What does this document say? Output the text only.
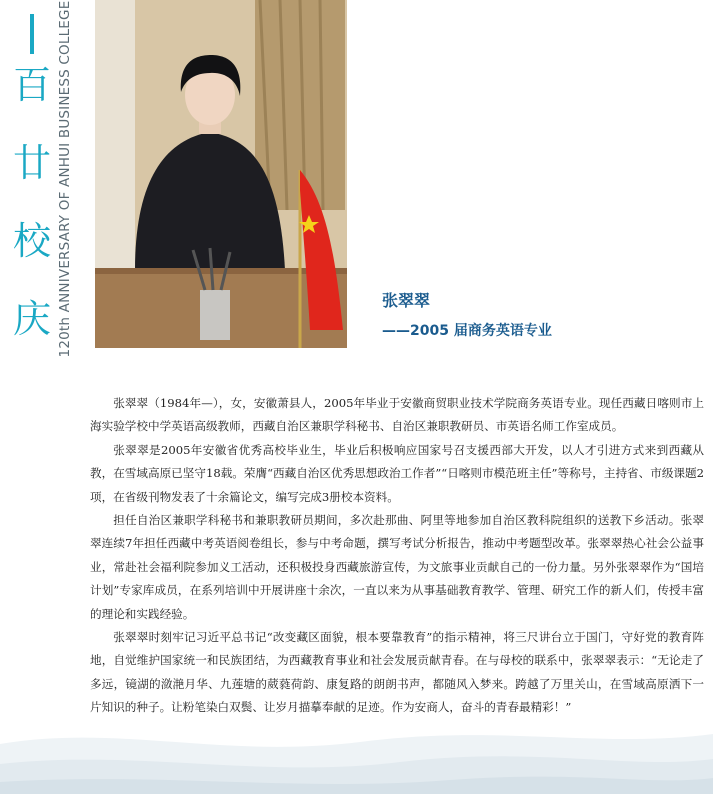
百
廿
校
庆 120th ANNIVERSARY OF ANHUI BUSINESS COLLEGE	张翠翠
——2005 届商务英语专业

张翠翠（1984年—），女，安徽萧县人，2005年毕业于安徽商贸职业技术学院商务英语专业。现任西藏日喀则市上海实验学校中学英语高级教师，西藏自治区兼职学科秘书、自治区兼职教研员、市英语名师工作室成员。

张翠翠是2005年安徽省优秀高校毕业生，毕业后积极响应国家号召支援西部大开发，以人才引进方式来到西藏从教，在雪域高原已坚守18载。荣膺“西藏自治区优秀思想政治工作者”“日喀则市模范班主任”等称号，主持省、市级课题2项，在省级刊物发表了十余篇论文，编写完成3册校本资料。

担任自治区兼职学科秘书和兼职教研员期间，多次赴那曲、阿里等地参加自治区教科院组织的送教下乡活动。张翠翠连续7年担任西藏中考英语阅卷组长，参与中考命题，撰写考试分析报告，推动中考题型改革。张翠翠热心社会公益事业，常赴社会福利院参加义工活动，还积极投身西藏旅游宣传，为文旅事业贡献自己的一份力量。另外张翠翠作为“国培计划”专家库成员，在系列培训中开展讲座十余次，一直以来为从事基础教育教学、管理、研究工作的新人们，传授丰富的理论和实践经验。

张翠翠时刻牢记习近平总书记“改变藏区面貌，根本要靠教育”的指示精神，将三尺讲台立于国门，守好党的教育阵地，自觉维护国家统一和民族团结，为西藏教育事业和社会发展贡献青春。在与母校的联系中，张翠翠表示：“无论走了多远，镜湖的潋滟月华、九莲塘的葳蕤荷韵、康复路的朗朗书声，都随风入梦来。跨越了万里关山，在雪域高原洒下一片知识的种子。让粉笔染白双鬓、让岁月描摹奉献的足迹。作为安商人，奋斗的青春最精彩！”
